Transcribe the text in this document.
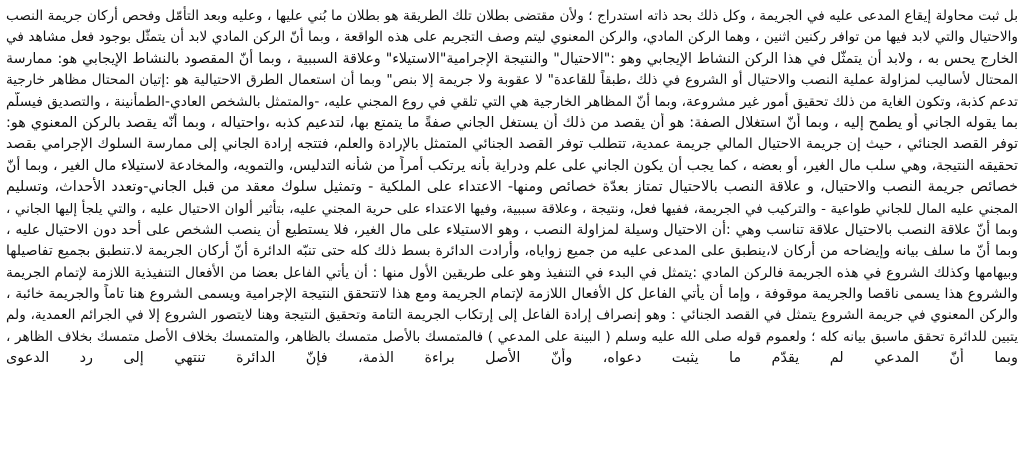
بل ثبت محاولة إيقاع المدعى عليه في الجريمة ، وكل ذلك بحد ذاته استدراج ؛ ولأن مقتضى بطلان تلك الطريقة هو بطلان ما بُني عليها ، وعليه وبعد التأمّل وفحص أركان جريمة النصب
والاحتيال والتي لابد فيها من توافر ركنين اثنين ، وهما الركن المادي، والركن المعنوي ليتم وصف التجريم على هذه الواقعة ، وبما أنّ الركن المادي لابد أن يتمثّل بوجود فعل مشاهد في
الخارج يحس به ، ولابد أن يتمثّل في هذا الركن النشاط الإيجابي وهو :"الاحتيال" والنتيجة الإجرامية"الاستيلاء" وعلاقة السببية ، وبما أنّ المقصود بالنشاط الإيجابي هو: ممارسة
المحتال لأساليب لمزاولة عملية النصب والاحتيال أو الشروع في ذلك ،طبقاً للقاعدة" لا عقوبة ولا جريمة إلا بنص" وبما أن استعمال الطرق الاحتيالية هو :إتيان المحتال مظاهر خارجية
تدعم كذبة، وتكون الغاية من ذلك تحقيق أمور غير مشروعة، وبما أنّ المظاهر الخارجية هي التي تلقي في روع المجني عليه، -والمتمثل بالشخص العادي-الطمأنينة ، والتصديق فيسلّم
بما يقوله الجاني أو يطمح إليه ، وبما أنّ استغلال الصفة: هو أن يقصد من ذلك أن يستغل الجاني صفةً ما يتمتع بها، لتدعيم كذبه ،واحتياله ، وبما أنّه يقصد بالركن المعنوي هو:
توفر القصد الجنائي ، حيث إن جريمة الاحتيال المالي جريمة عمدية، تتطلب توفر القصد الجنائي المتمثل بالإرادة والعلم، فتتجه إرادة الجاني إلى ممارسة السلوك الإجرامي بقصد
تحقيقه النتيجة، وهي سلب مال الغير، أو بعضه ، كما يجب أن يكون الجاني على علم ودراية بأنه يرتكب أمراً من شأنه التدليس، والتمويه، والمخادعة لاستيلاء مال الغير ، وبما أنّ
خصائص جريمة النصب والاحتيال، و علاقة النصب بالاحتيال تمتاز بعدّة خصائص ومنها- الاعتداء على الملكية - وتمثيل سلوك معقد من قبل الجاني-وتعدد الأحداث، وتسليم
المجني عليه المال للجاني طواعية - والتركيب في الجريمة، ففيها فعل، ونتيجة ، وعلاقة سببية، وفيها الاعتداء على حرية المجني عليه، بتأثير ألوان الاحتيال عليه ، والتي يلجأ إليها الجاني ،
وبما أنّ علاقة النصب بالاحتيال علاقة تناسب وهي :أن الاحتيال وسيلة لمزاولة النصب ، وهو الاستيلاء على مال الغير، فلا يستطيع أن ينصب الشخص على أحد دون الاحتيال عليه ،
وبما أنّ ما سلف بيانه وإيضاحه من أركان لا،ينطبق على المدعى عليه من جميع زواياه، وأرادت الدائرة بسط ذلك كله حتى تنبّه الدائرة أنّ أركان الجريمة لا.تنطبق بجميع تفاصيلها
وبيهامها وكذلك الشروع في هذه الجريمة فالركن المادي :يتمثل في البدء في التنفيذ وهو على طريقين الأول منها : أن يأتي الفاعل بعضا من الأفعال التنفيذية اللازمة لإتمام الجريمة
والشروع هذا يسمى ناقصا والجريمة موقوفة ، وإما أن يأتي الفاعل كل الأفعال اللازمة لإتمام الجريمة ومع هذا لاتتحقق النتيجة الإجرامية ويسمى الشروع هنا تاماً والجريمة خائبة ،
والركن المعنوي في جريمة الشروع يتمثل في القصد الجنائي : وهو إنصراف إرادة الفاعل إلى إرتكاب الجريمة التامة وتحقيق النتيجة وهنا لايتصور الشروع إلا في الجرائم العمدية، ولم
يتبين للدائرة تحقق ماسبق بيانه كله ؛ ولعموم قوله صلى الله عليه وسلم ( البينة على المدعي ) فالمتمسك بالأصل متمسك بالظاهر، والمتمسك بخلاف الأصل متمسك بخلاف الظاهر ،
وبما أنّ المدعي لم يقدّم ما يثبت دعواه، وأنّ الأصل براءة الذمة، فإنّ الدائرة تنتهي إلى رد الدعوى
